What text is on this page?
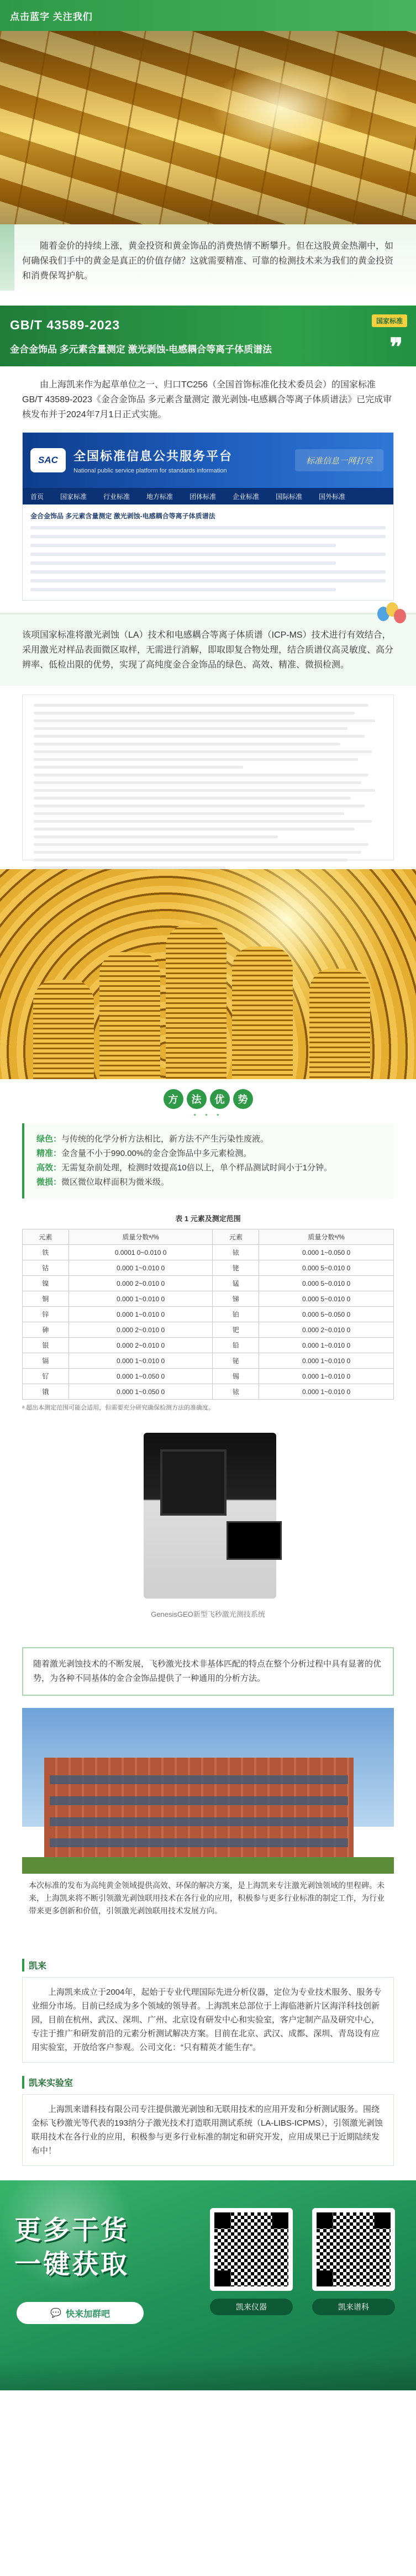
点击蓝字 关注我们

随着金价的持续上涨，黄金投资和黄金饰品的消费热情不断攀升。但在这股黄金热潮中，如何确保我们手中的黄金是真正的价值存储？这就需要精准、可靠的检测技术来为我们的黄金投资和消费保驾护航。

GB/T 43589-2023
金合金饰品 多元素含量测定 激光剥蚀-电感耦合等离子体质谱法
国家标准
❞

由上海凯来作为起草单位之一、归口TC256（全国首饰标准化技术委员会）的国家标准GB/T 43589-2023《金合金饰品 多元素含量测定 激光剥蚀-电感耦合等离子体质谱法》已完成审核发布并于2024年7月1日正式实施。

SAC	全国标准信息公共服务平台
National public service platform for standards information
标准信息一网打尽
首页	国家标准	行业标准	地方标准	团体标准	企业标准	国际标准	国外标准
金合金饰品 多元素含量测定 激光剥蚀-电感耦合等离子体质谱法

该项国家标准将激光剥蚀（LA）技术和电感耦合等离子体质谱（ICP-MS）技术进行有效结合，采用激光对样品表面微区取样，无需进行消解，即取即复合物处理，结合质谱仪高灵敏度、高分辨率、低检出限的优势，实现了高纯度金合金饰品的绿色、高效、精准、微损检测。

方	法	优	势
• • •
绿色：与传统的化学分析方法相比，新方法不产生污染性废液。
精准：金含量不小于990.00%的金合金饰品中多元素检测。
高效：无需复杂前处理，检测时效提高10倍以上，单个样品测试时间小于1分钟。
微损：微区微位取样面积为微米级。
表 1 元素及测定范围
元素	质量分数ᵃ/%	元素	质量分数ᵃ/%
铁	0.0001 0~0.010 0	铱	0.000 1~0.050 0
钴	0.000 1~0.010 0	铑	0.000 5~0.010 0
镍	0.000 2~0.010 0	锰	0.000 5~0.010 0
铜	0.000 1~0.010 0	锑	0.000 5~0.010 0
锌	0.000 1~0.010 0	铂	0.000 5~0.050 0
砷	0.000 2~0.010 0	钯	0.000 2~0.010 0
银	0.000 2~0.010 0	铅	0.000 1~0.010 0
镉	0.000 1~0.010 0	铋	0.000 1~0.010 0
钌	0.000 1~0.050 0	锡	0.000 1~0.010 0
锇	0.000 1~0.050 0	铱	0.000 1~0.010 0
ᵃ 超出本测定范围可能会适用，但需要充分研究确保检测方法的准确度。
GenesisGEO新型飞秒激光测技系统

随着激光剥蚀技术的不断发展，飞秒激光技术非基体匹配的特点在整个分析过程中具有显著的优势，为各种不同基体的金合金饰品提供了一种通用的分析方法。

本次标准的发布为高纯黄金领域提供高效、环保的解决方案，是上海凯来专注激光剥蚀领域的里程碑。未来，上海凯来将不断引领激光剥蚀联用技术在各行业的应用，积极参与更多行业标准的制定工作，为行业带来更多创新和价值，引领激光剥蚀联用技术发展方向。

凯来

上海凯来成立于2004年，起始于专业代理国际先进分析仪器，定位为专业技术服务、服务专业细分市场。目前已经成为多个领域的领导者。上海凯来总部位于上海临港新片区海洋科技创新园，目前在杭州、武汉、深圳、广州、北京设有研发中心和实验室，客户定制产品及研究中心，专注于推广和研发前沿的元素分析测试解决方案。目前在北京、武汉、成都、深圳、青岛设有应用实验室，开放给客户参观。公司文化：“只有精英才能生存”。

凯来实验室

上海凯来谱科技有限公司专注提供激光剥蚀和无联用技术的应用开发和分析测试服务。围绕金标飞秒激光等代表的193纳分子激光技术打造联用测试系统（LA-LIBS-ICPMS），引领激光剥蚀联用技术在各行业的应用，积极参与更多行业标准的制定和研究开发，应用成果已于近期陆续发布中！

更多干货
一键获取
💬 快来加群吧
凯来仪器	凯来谱科
